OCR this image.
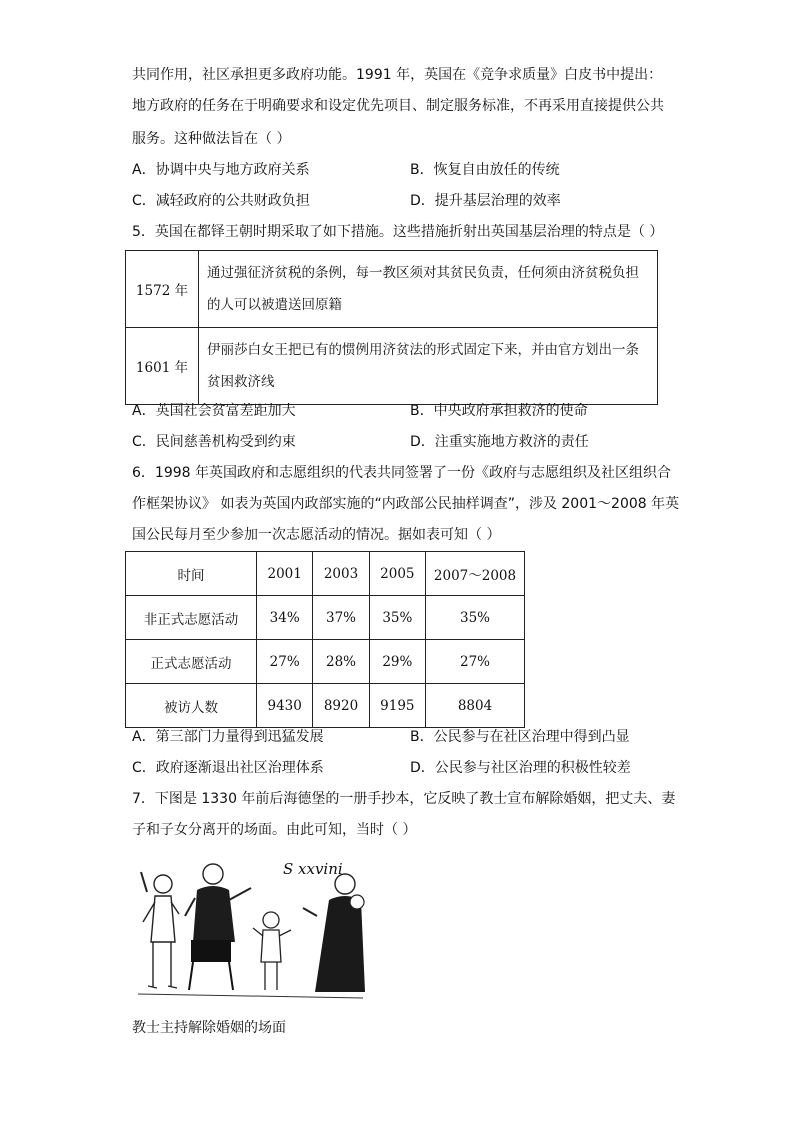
共同作用，社区承担更多政府功能。1991 年，英国在《竞争求质量》白皮书中提出：
地方政府的任务在于明确要求和设定优先项目、制定服务标准，不再采用直接提供公共
服务。这种做法旨在（ ）
A．协调中央与地方政府关系	B．恢复自由放任的传统
C．减轻政府的公共财政负担	D．提升基层治理的效率
5．英国在都铎王朝时期采取了如下措施。这些措施折射出英国基层治理的特点是（ ）
1572 年	通过强征济贫税的条例，每一教区须对其贫民负责，任何须由济贫税负担的人可以被遣送回原籍
1601 年	伊丽莎白女王把已有的惯例用济贫法的形式固定下来，并由官方划出一条贫困救济线
A．英国社会贫富差距加大	B．中央政府承担救济的使命
C．民间慈善机构受到约束	D．注重实施地方救济的责任
6．1998 年英国政府和志愿组织的代表共同签署了一份《政府与志愿组织及社区组织合
作框架协议》 如表为英国内政部实施的“内政部公民抽样调查”，涉及 2001～2008 年英
国公民每月至少参加一次志愿活动的情况。据如表可知（ ）
时间	2001	2003	2005	2007～2008
非正式志愿活动	34%	37%	35%	35%
正式志愿活动	27%	28%	29%	27%
被访人数	9430	8920	9195	8804
A．第三部门力量得到迅猛发展	B．公民参与在社区治理中得到凸显
C．政府逐渐退出社区治理体系	D．公民参与社区治理的积极性较差
7．下图是 1330 年前后海德堡的一册手抄本，它反映了教士宣布解除婚姻，把丈夫、妻
子和子女分离开的场面。由此可知，当时（ ）
S xxvini
教士主持解除婚姻的场面
